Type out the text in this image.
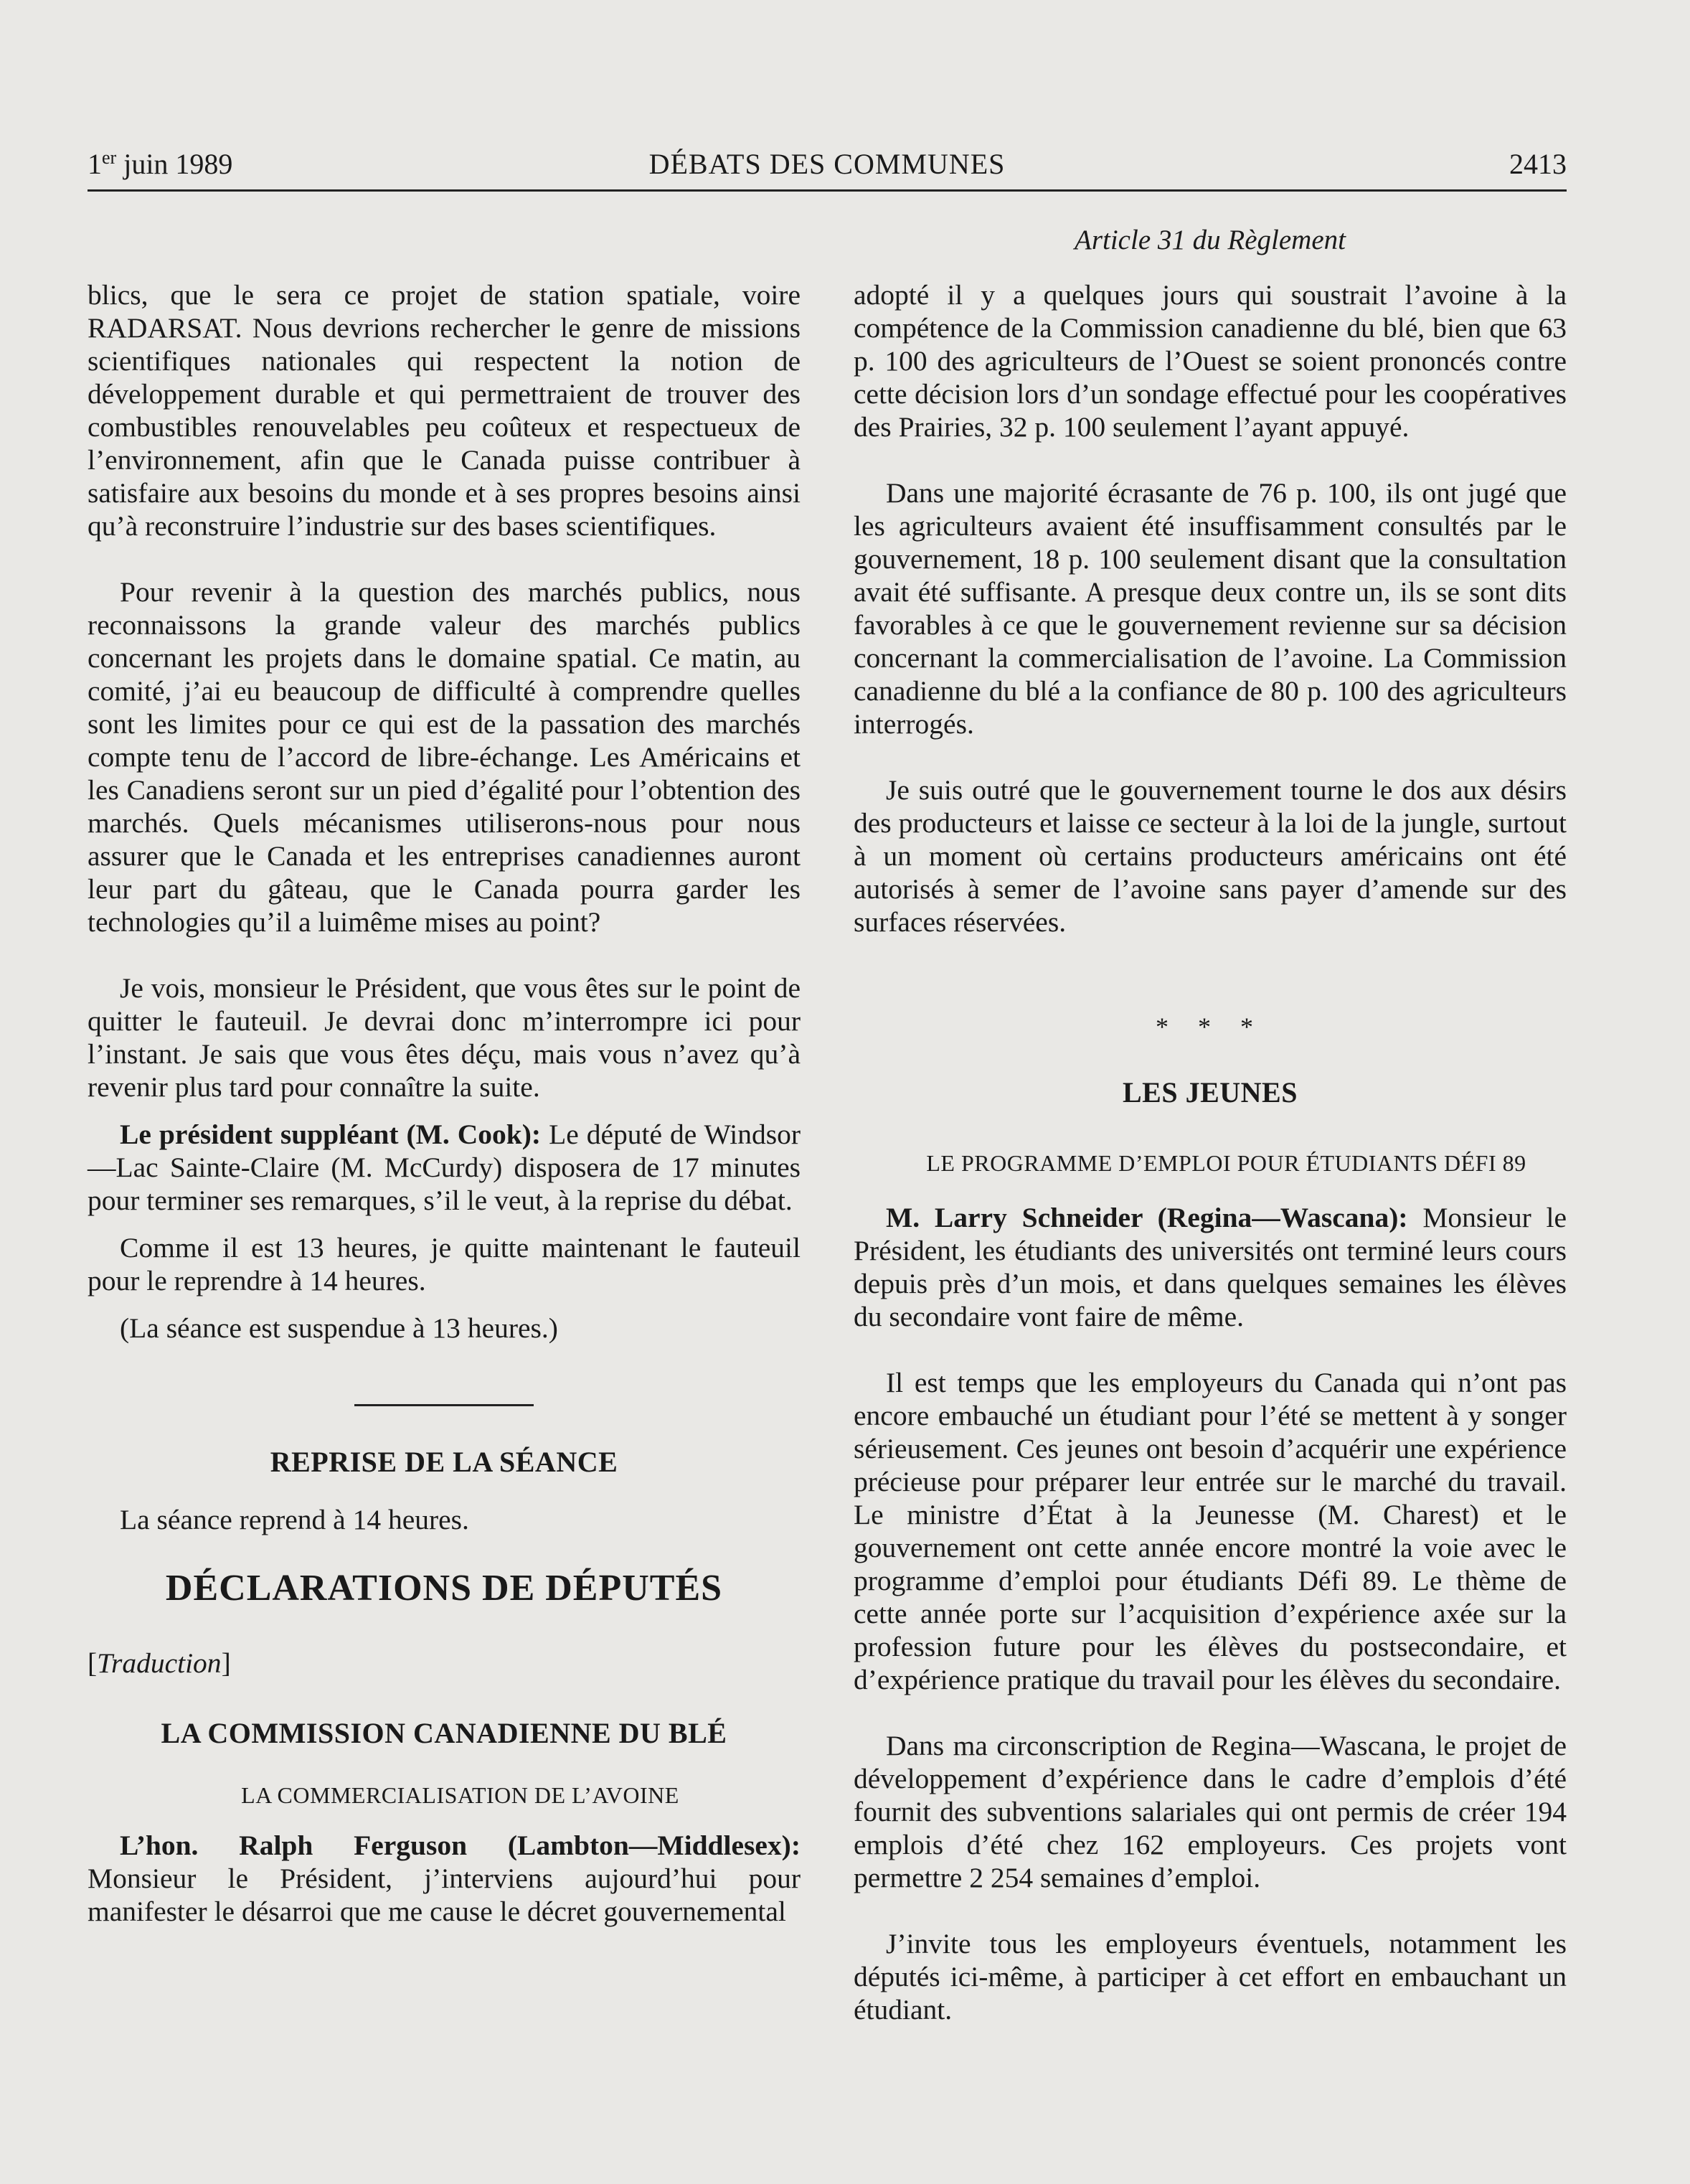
1er juin 1989	DÉBATS DES COMMUNES	2413
Article 31 du Règlement

blics, que le sera ce projet de station spatiale, voire RADARSAT. Nous devrions rechercher le genre de missions scientifiques nationales qui respectent la notion de développement durable et qui permettraient de trouver des combustibles renouvelables peu coûteux et respectueux de l’environnement, afin que le Canada puisse contribuer à satisfaire aux besoins du monde et à ses propres besoins ainsi qu’à reconstruire l’industrie sur des bases scientifiques.

Pour revenir à la question des marchés publics, nous reconnaissons la grande valeur des marchés publics concernant les projets dans le domaine spatial. Ce matin, au comité, j’ai eu beaucoup de difficulté à comprendre quelles sont les limites pour ce qui est de la passation des marchés compte tenu de l’accord de libre-échange. Les Américains et les Canadiens seront sur un pied d’égalité pour l’obtention des marchés. Quels mécanismes utiliserons-nous pour nous assurer que le Canada et les entreprises canadiennes auront leur part du gâteau, que le Canada pourra garder les technologies qu’il a luimême mises au point?

Je vois, monsieur le Président, que vous êtes sur le point de quitter le fauteuil. Je devrai donc m’interrompre ici pour l’instant. Je sais que vous êtes déçu, mais vous n’avez qu’à revenir plus tard pour connaître la suite.

Le président suppléant (M. Cook): Le député de Windsor—Lac Sainte-Claire (M. McCurdy) disposera de 17 minutes pour terminer ses remarques, s’il le veut, à la reprise du débat.

Comme il est 13 heures, je quitte maintenant le fauteuil pour le reprendre à 14 heures.

(La séance est suspendue à 13 heures.)

REPRISE DE LA SÉANCE

La séance reprend à 14 heures.

DÉCLARATIONS DE DÉPUTÉS

[Traduction]

LA COMMISSION CANADIENNE DU BLÉ

LA COMMERCIALISATION DE L’AVOINE

L’hon. Ralph Ferguson (Lambton—Middlesex): Monsieur le Président, j’interviens aujourd’hui pour manifester le désarroi que me cause le décret gouvernemental

adopté il y a quelques jours qui soustrait l’avoine à la compétence de la Commission canadienne du blé, bien que 63 p. 100 des agriculteurs de l’Ouest se soient prononcés contre cette décision lors d’un sondage effectué pour les coopératives des Prairies, 32 p. 100 seulement l’ayant appuyé.

Dans une majorité écrasante de 76 p. 100, ils ont jugé que les agriculteurs avaient été insuffisamment consultés par le gouvernement, 18 p. 100 seulement disant que la consultation avait été suffisante. A presque deux contre un, ils se sont dits favorables à ce que le gouvernement revienne sur sa décision concernant la commercialisation de l’avoine. La Commission canadienne du blé a la confiance de 80 p. 100 des agriculteurs interrogés.

Je suis outré que le gouvernement tourne le dos aux désirs des producteurs et laisse ce secteur à la loi de la jungle, surtout à un moment où certains producteurs américains ont été autorisés à semer de l’avoine sans payer d’amende sur des surfaces réservées.

* * *
LES JEUNES

LE PROGRAMME D’EMPLOI POUR ÉTUDIANTS DÉFI 89

M. Larry Schneider (Regina—Wascana): Monsieur le Président, les étudiants des universités ont terminé leurs cours depuis près d’un mois, et dans quelques semaines les élèves du secondaire vont faire de même.

Il est temps que les employeurs du Canada qui n’ont pas encore embauché un étudiant pour l’été se mettent à y songer sérieusement. Ces jeunes ont besoin d’acquérir une expérience précieuse pour préparer leur entrée sur le marché du travail. Le ministre d’État à la Jeunesse (M. Charest) et le gouvernement ont cette année encore montré la voie avec le programme d’emploi pour étudiants Défi 89. Le thème de cette année porte sur l’acquisition d’expérience axée sur la profession future pour les élèves du postsecondaire, et d’expérience pratique du travail pour les élèves du secondaire.

Dans ma circonscription de Regina—Wascana, le projet de développement d’expérience dans le cadre d’emplois d’été fournit des subventions salariales qui ont permis de créer 194 emplois d’été chez 162 employeurs. Ces projets vont permettre 2 254 semaines d’emploi.

J’invite tous les employeurs éventuels, notamment les députés ici-même, à participer à cet effort en embauchant un étudiant.
